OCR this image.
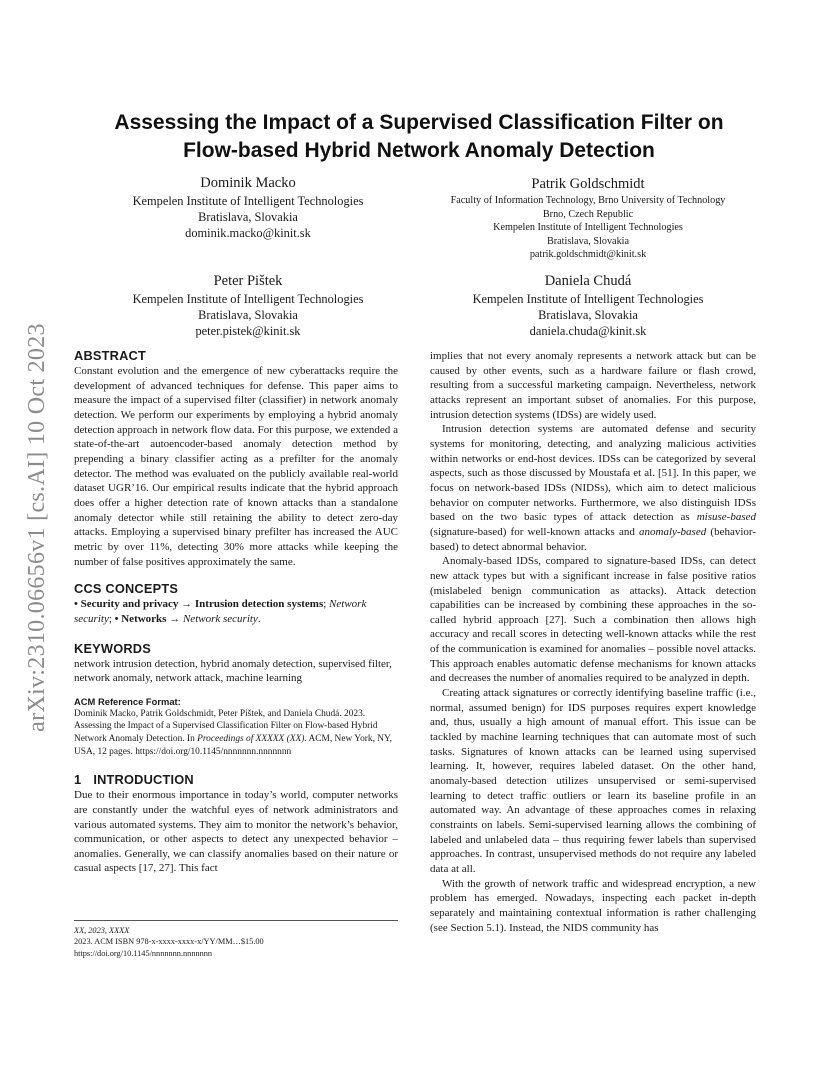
arXiv:2310.06656v1 [cs.AI] 10 Oct 2023
Assessing the Impact of a Supervised Classification Filter on
Flow-based Hybrid Network Anomaly Detection
Dominik Macko
Kempelen Institute of Intelligent Technologies
Bratislava, Slovakia
dominik.macko@kinit.sk
Patrik Goldschmidt
Faculty of Information Technology, Brno University of Technology
Brno, Czech Republic
Kempelen Institute of Intelligent Technologies
Bratislava, Slovakia
patrik.goldschmidt@kinit.sk
Peter Pištek
Kempelen Institute of Intelligent Technologies
Bratislava, Slovakia
peter.pistek@kinit.sk
Daniela Chudá
Kempelen Institute of Intelligent Technologies
Bratislava, Slovakia
daniela.chuda@kinit.sk
ABSTRACT

Constant evolution and the emergence of new cyberattacks require the development of advanced techniques for defense. This paper aims to measure the impact of a supervised filter (classifier) in network anomaly detection. We perform our experiments by employing a hybrid anomaly detection approach in network flow data. For this purpose, we extended a state-of-the-art autoencoder-based anomaly detection method by prepending a binary classifier acting as a prefilter for the anomaly detector. The method was evaluated on the publicly available real-world dataset UGR’16. Our empirical results indicate that the hybrid approach does offer a higher detection rate of known attacks than a standalone anomaly detector while still retaining the ability to detect zero-day attacks. Employing a supervised binary prefilter has increased the AUC metric by over 11%, detecting 30% more attacks while keeping the number of false positives approximately the same.

CCS CONCEPTS

• Security and privacy → Intrusion detection systems; Network security; • Networks → Network security.

KEYWORDS

network intrusion detection, hybrid anomaly detection, supervised filter, network anomaly, network attack, machine learning

ACM Reference Format:

Dominik Macko, Patrik Goldschmidt, Peter Pištek, and Daniela Chudá. 2023. Assessing the Impact of a Supervised Classification Filter on Flow-based Hybrid Network Anomaly Detection. In Proceedings of XXXXX (XX). ACM, New York, NY, USA, 12 pages. https://doi.org/10.1145/nnnnnnn.nnnnnnn

1 INTRODUCTION

Due to their enormous importance in today’s world, computer networks are constantly under the watchful eyes of network administrators and various automated systems. They aim to monitor the network’s behavior, communication, or other aspects to detect any unexpected behavior – anomalies. Generally, we can classify anomalies based on their nature or casual aspects [17, 27]. This fact

implies that not every anomaly represents a network attack but can be caused by other events, such as a hardware failure or flash crowd, resulting from a successful marketing campaign. Nevertheless, network attacks represent an important subset of anomalies. For this purpose, intrusion detection systems (IDSs) are widely used.

Intrusion detection systems are automated defense and security systems for monitoring, detecting, and analyzing malicious activities within networks or end-host devices. IDSs can be categorized by several aspects, such as those discussed by Moustafa et al. [51]. In this paper, we focus on network-based IDSs (NIDSs), which aim to detect malicious behavior on computer networks. Furthermore, we also distinguish IDSs based on the two basic types of attack detection as misuse-based (signature-based) for well-known attacks and anomaly-based (behavior-based) to detect abnormal behavior.

Anomaly-based IDSs, compared to signature-based IDSs, can detect new attack types but with a significant increase in false positive ratios (mislabeled benign communication as attacks). Attack detection capabilities can be increased by combining these approaches in the so-called hybrid approach [27]. Such a combination then allows high accuracy and recall scores in detecting well-known attacks while the rest of the communication is examined for anomalies – possible novel attacks. This approach enables automatic defense mechanisms for known attacks and decreases the number of anomalies required to be analyzed in depth.

Creating attack signatures or correctly identifying baseline traffic (i.e., normal, assumed benign) for IDS purposes requires expert knowledge and, thus, usually a high amount of manual effort. This issue can be tackled by machine learning techniques that can automate most of such tasks. Signatures of known attacks can be learned using supervised learning. It, however, requires labeled dataset. On the other hand, anomaly-based detection utilizes unsupervised or semi-supervised learning to detect traffic outliers or learn its baseline profile in an automated way. An advantage of these approaches comes in relaxing constraints on labels. Semi-supervised learning allows the combining of labeled and unlabeled data – thus requiring fewer labels than supervised approaches. In contrast, unsupervised methods do not require any labeled data at all.

With the growth of network traffic and widespread encryption, a new problem has emerged. Nowadays, inspecting each packet in-depth separately and maintaining contextual information is rather challenging (see Section 5.1). Instead, the NIDS community has

XX, 2023, XXXX
2023. ACM ISBN 978-x-xxxx-xxxx-x/YY/MM…$15.00
https://doi.org/10.1145/nnnnnnn.nnnnnnn
